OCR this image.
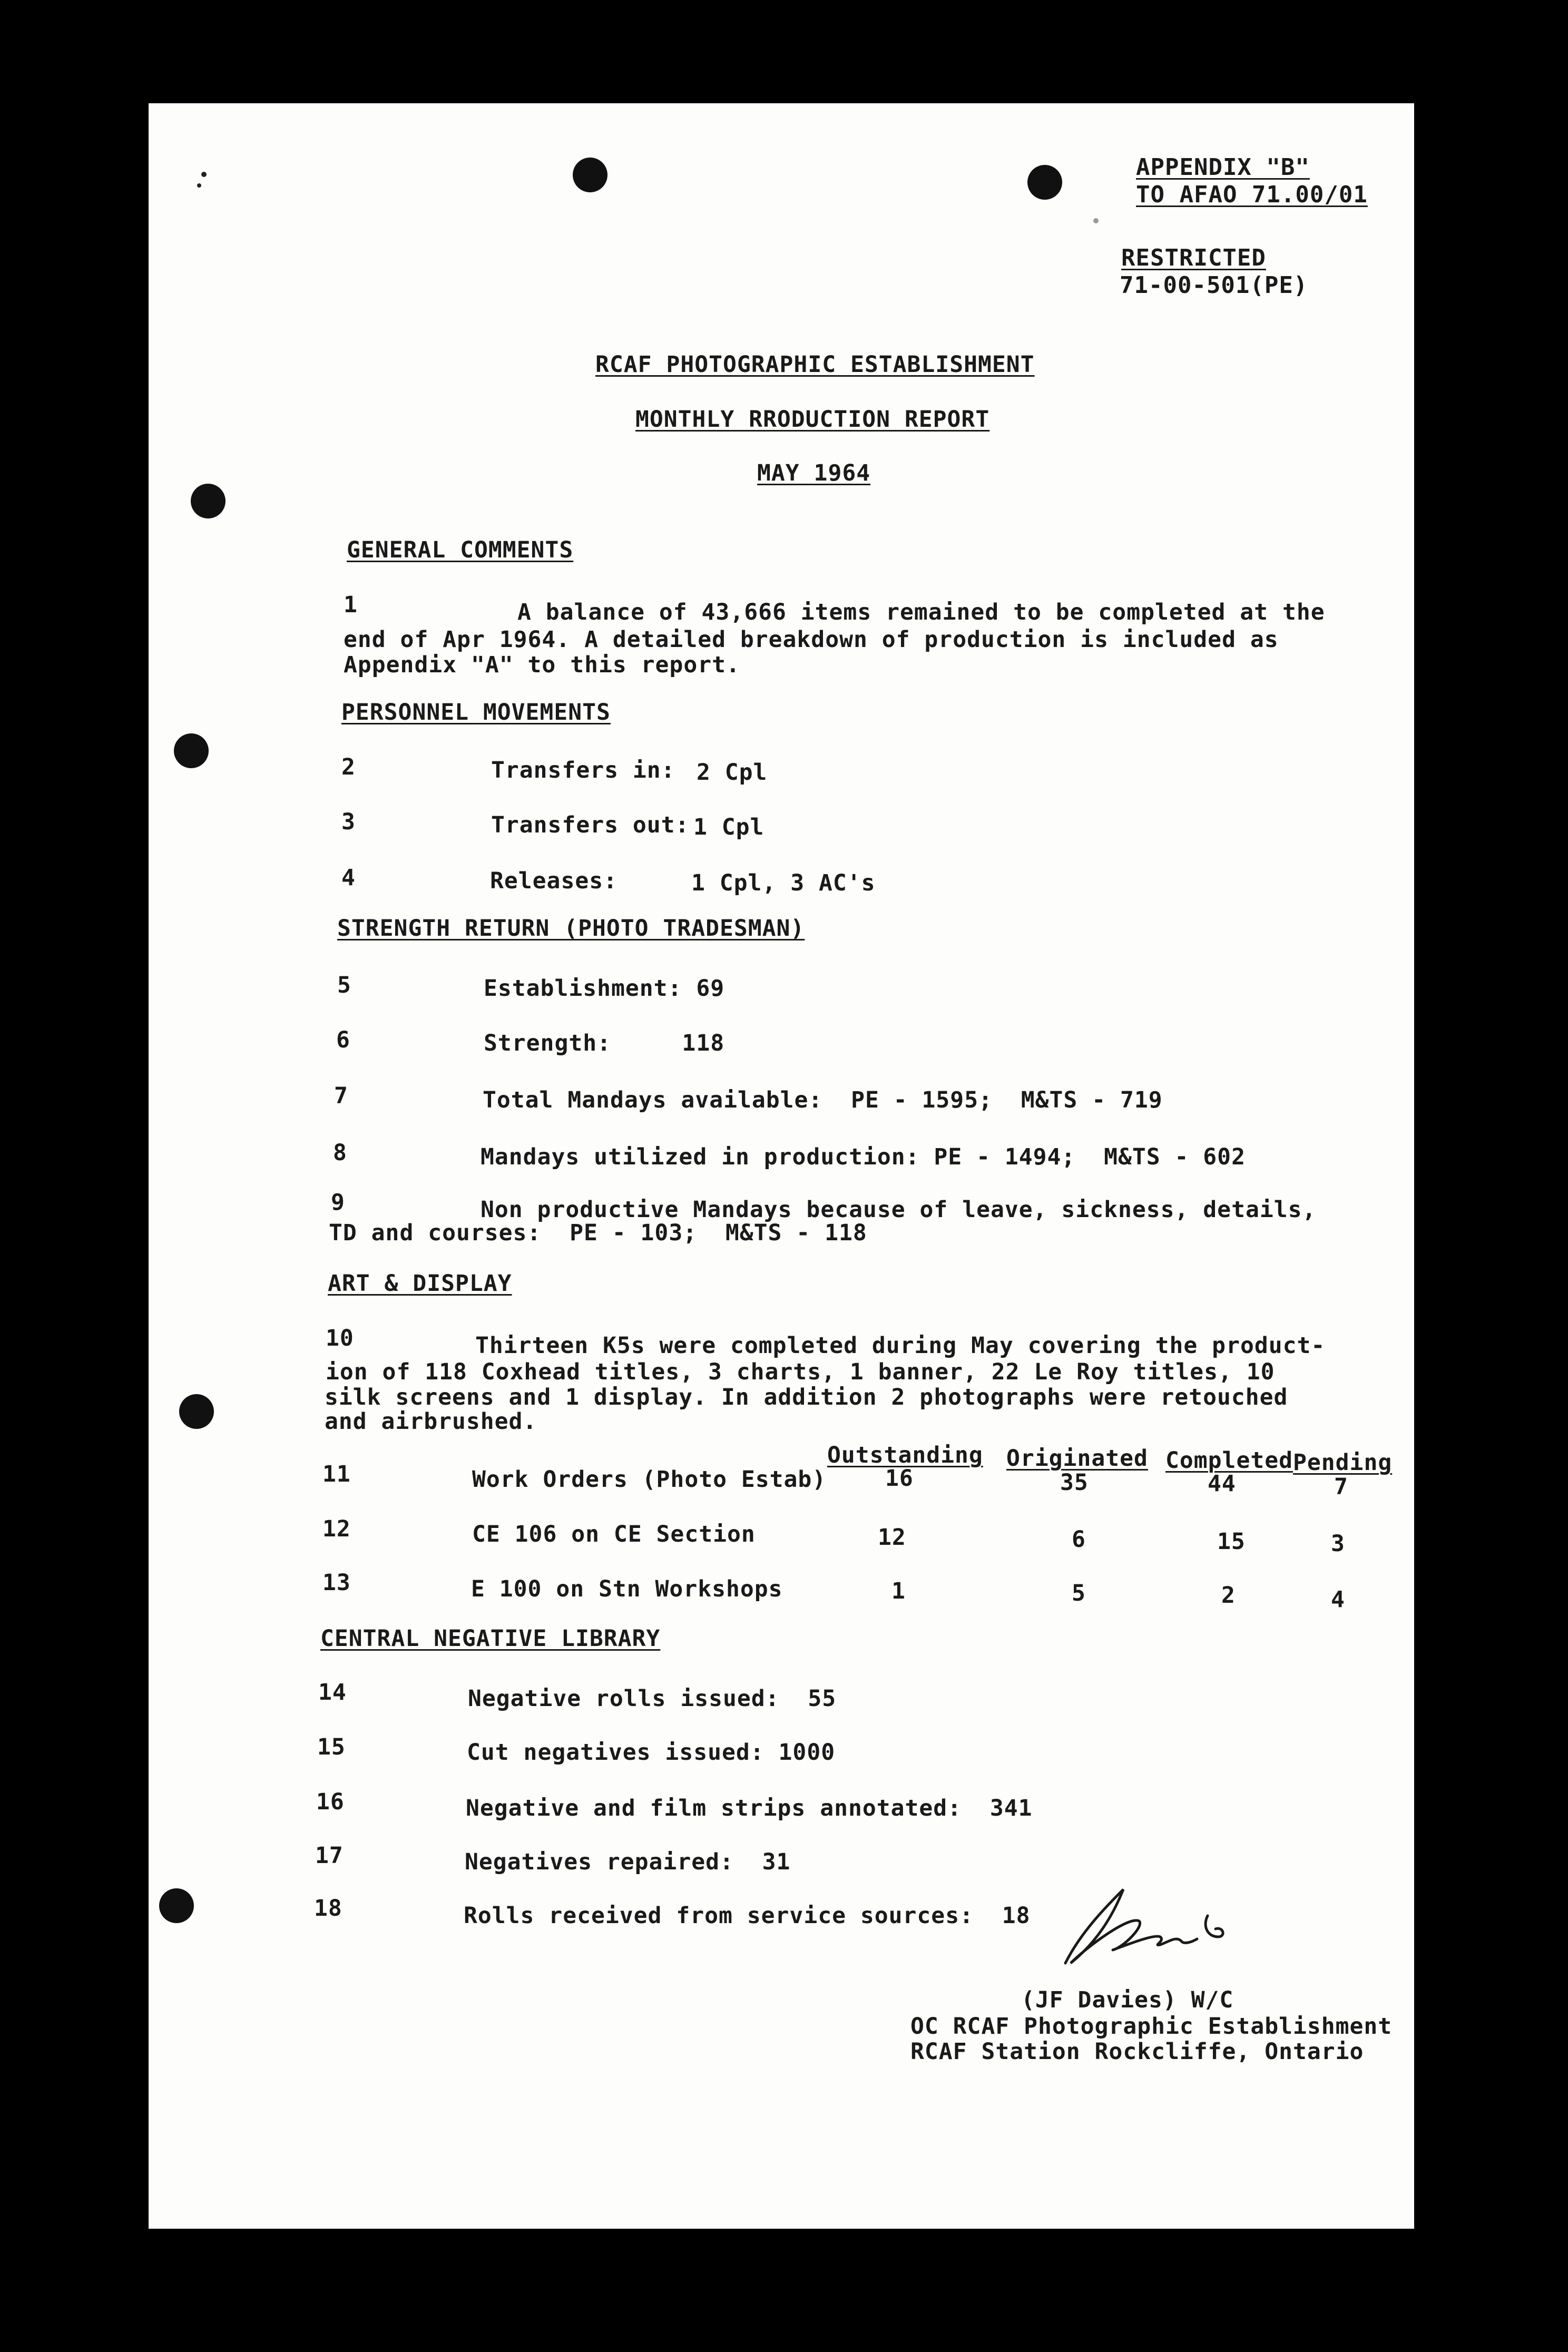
APPENDIX "B"
TO AFAO 71.00/01
RESTRICTED
71-00-501(PE)
RCAF PHOTOGRAPHIC ESTABLISHMENT
MONTHLY RRODUCTION REPORT
MAY 1964
GENERAL COMMENTS
1	A balance of 43,666 items remained to be completed at the
end of Apr 1964. A detailed breakdown of production is included as
Appendix "A" to this report.
PERSONNEL MOVEMENTS
2	Transfers in: 2 Cpl
3	Transfers out: 1 Cpl
4	Releases:	1 Cpl, 3 AC's
STRENGTH RETURN (PHOTO TRADESMAN)
5	Establishment: 69
6	Strength:     118
7	Total Mandays available:  PE - 1595;  M&TS - 719
8	Mandays utilized in production: PE - 1494;  M&TS - 602
9	Non productive Mandays because of leave, sickness, details,
TD and courses:  PE - 103;  M&TS - 118
ART & DISPLAY
10	Thirteen K5s were completed during May covering the product-
ion of 118 Coxhead titles, 3 charts, 1 banner, 22 Le Roy titles, 10
silk screens and 1 display. In addition 2 photographs were retouched
and airbrushed.
Outstanding Originated Completed Pending
11	Work Orders (Photo Estab)	16	35	44	7
12	CE 106 on CE Section	12	6	15	3
13	E 100 on Stn Workshops	1	5	2	4
CENTRAL NEGATIVE LIBRARY
14	Negative rolls issued:  55
15	Cut negatives issued: 1000
16	Negative and film strips annotated:  341
17	Negatives repaired:  31
18	Rolls received from service sources:  18
(JF Davies) W/C
OC RCAF Photographic Establishment
RCAF Station Rockcliffe, Ontario
